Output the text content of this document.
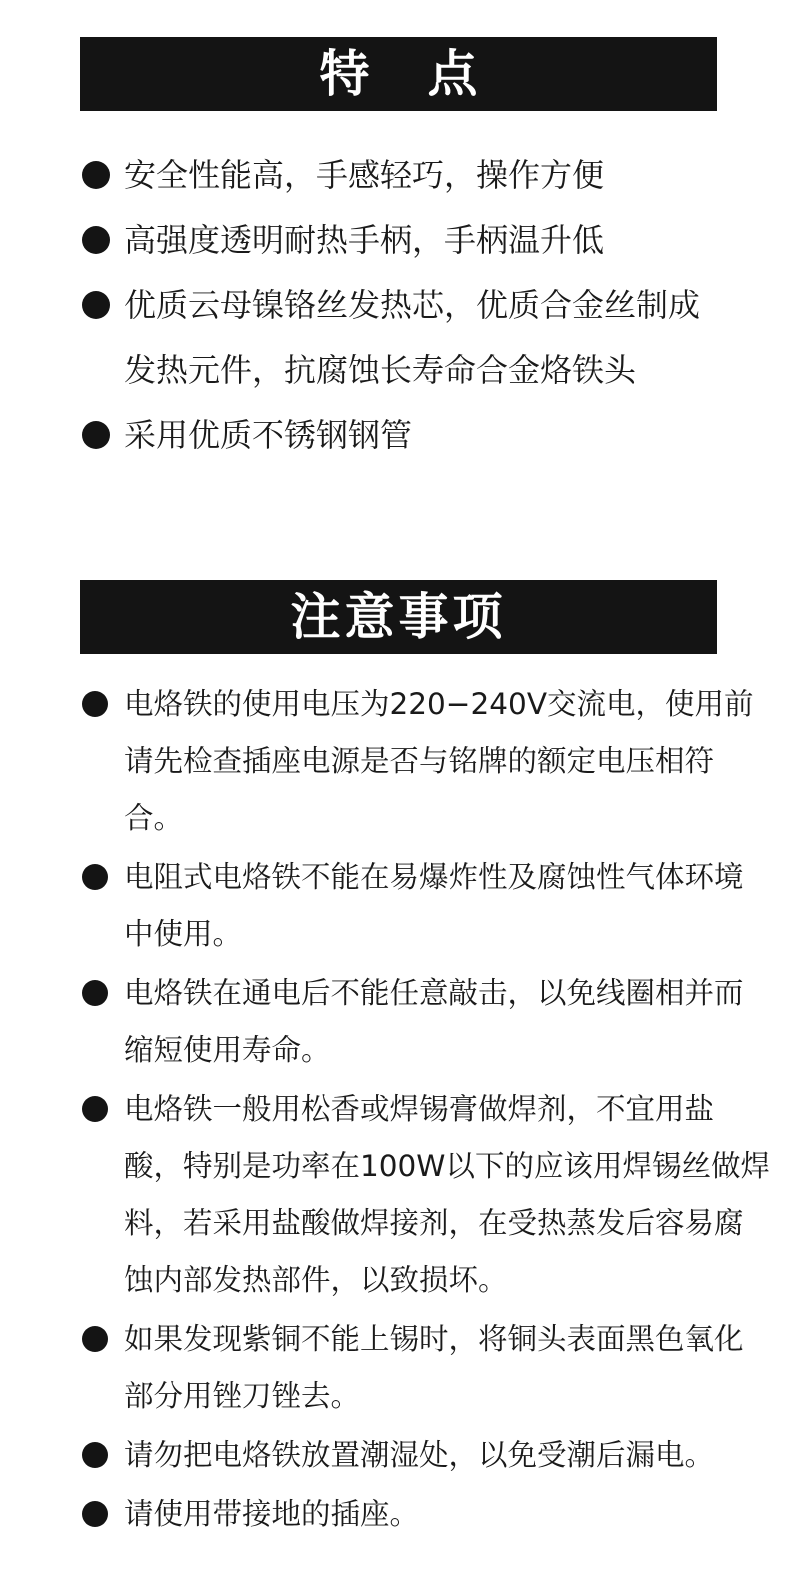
特点
安全性能高，手感轻巧，操作方便
高强度透明耐热手柄，手柄温升低
优质云母镍铬丝发热芯，优质合金丝制成发热元件，抗腐蚀长寿命合金烙铁头
采用优质不锈钢钢管
注意事项
电烙铁的使用电压为220−240V交流电，使用前请先检查插座电源是否与铭牌的额定电压相符合。
电阻式电烙铁不能在易爆炸性及腐蚀性气体环境中使用。
电烙铁在通电后不能任意敲击，以免线圈相并而缩短使用寿命。
电烙铁一般用松香或焊锡膏做焊剂，不宜用盐酸，特别是功率在100W以下的应该用焊锡丝做焊料，若采用盐酸做焊接剂，在受热蒸发后容易腐蚀内部发热部件，以致损坏。
如果发现紫铜不能上锡时，将铜头表面黑色氧化部分用锉刀锉去。
请勿把电烙铁放置潮湿处，以免受潮后漏电。
请使用带接地的插座。
